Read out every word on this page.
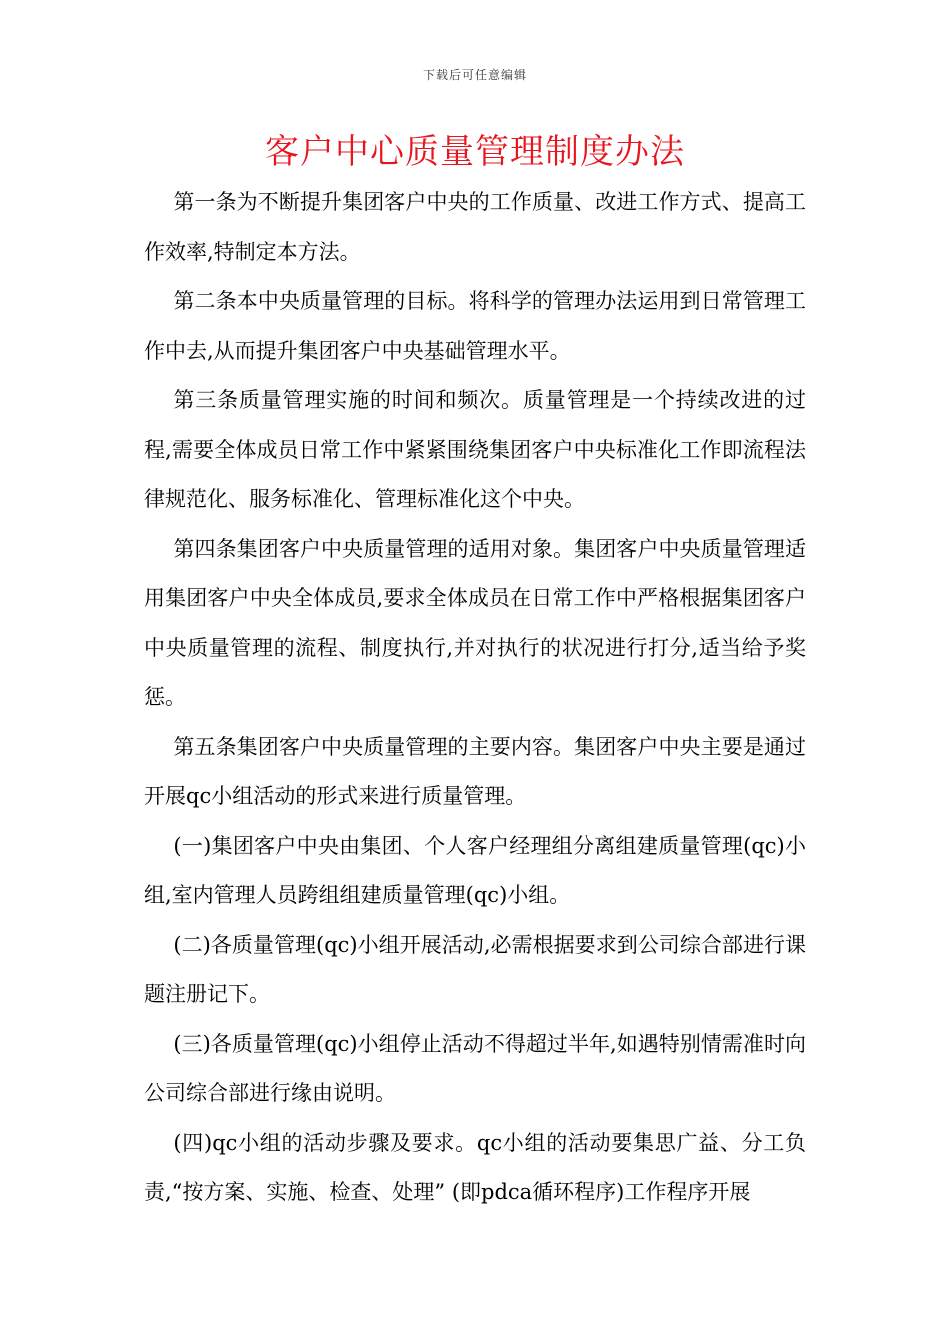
下载后可任意编辑
客户中心质量管理制度办法

第一条为不断提升集团客户中央的工作质量、改进工作方式、提高工作效率,特制定本方法。

第二条本中央质量管理的目标。将科学的管理办法运用到日常管理工作中去,从而提升集团客户中央基础管理水平。

第三条质量管理实施的时间和频次。质量管理是一个持续改进的过程,需要全体成员日常工作中紧紧围绕集团客户中央标准化工作即流程法律规范化、服务标准化、管理标准化这个中央。

第四条集团客户中央质量管理的适用对象。集团客户中央质量管理适用集团客户中央全体成员,要求全体成员在日常工作中严格根据集团客户中央质量管理的流程、制度执行,并对执行的状况进行打分,适当给予奖惩。

第五条集团客户中央质量管理的主要内容。集团客户中央主要是通过开展qc小组活动的形式来进行质量管理。

(一)集团客户中央由集团、个人客户经理组分离组建质量管理(qc)小组,室内管理人员跨组组建质量管理(qc)小组。

(二)各质量管理(qc)小组开展活动,必需根据要求到公司综合部进行课题注册记下。

(三)各质量管理(qc)小组停止活动不得超过半年,如遇特别情需准时向公司综合部进行缘由说明。

(四)qc小组的活动步骤及要求。qc小组的活动要集思广益、分工负责,“按方案、实施、检查、处理” (即pdca循环程序)工作程序开展
